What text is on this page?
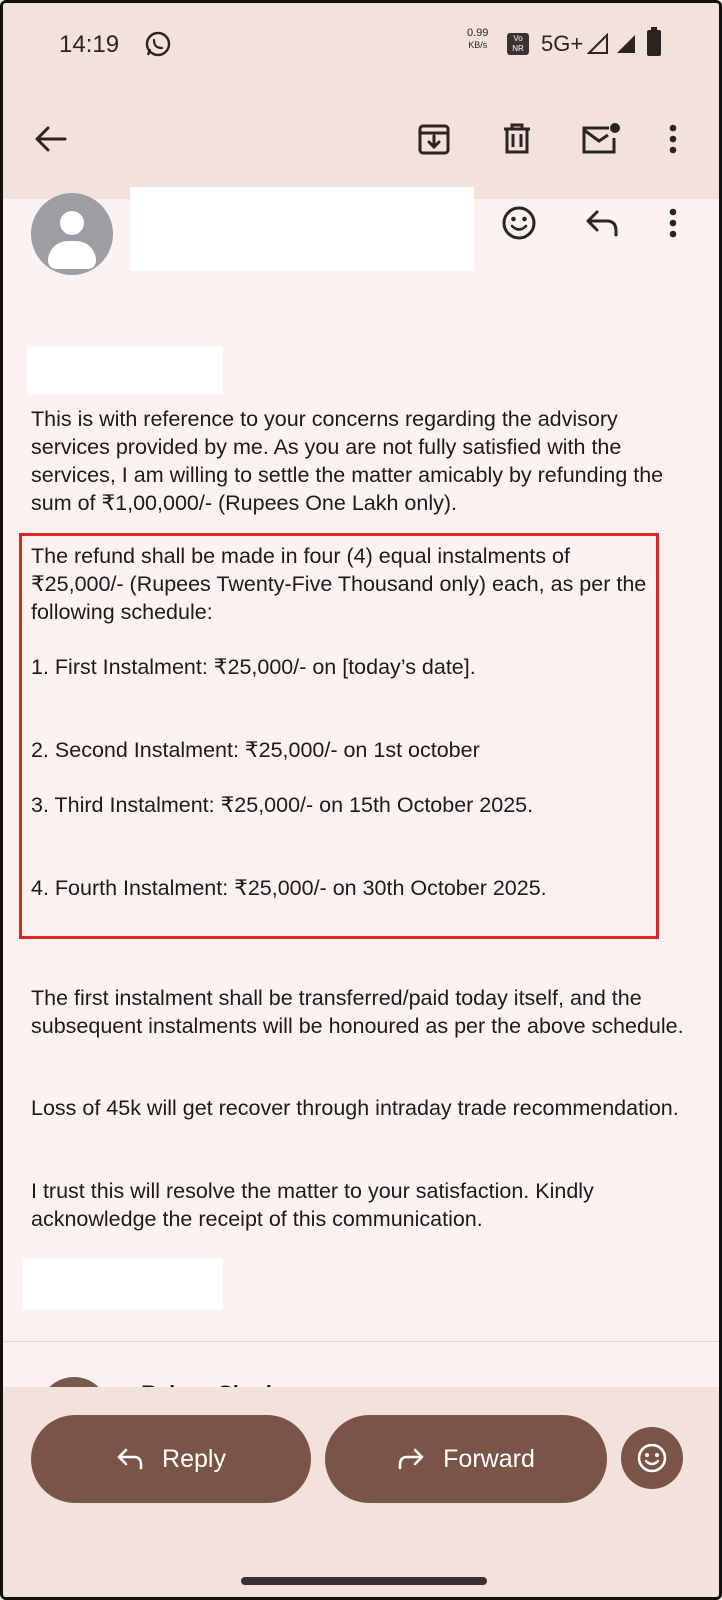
14:19	0.99
KB/s
Vo
NR 5G+
This is with reference to your concerns regarding the advisory services provided by me. As you are not fully satisfied with the services, I am willing to settle the matter amicably by refunding the sum of ₹1,00,000/- (Rupees One Lakh only).
The refund shall be made in four (4) equal instalments of ₹25,000/- (Rupees Twenty-Five Thousand only) each, as per the following schedule:
1. First Instalment: ₹25,000/- on [today’s date].
2. Second Instalment: ₹25,000/- on 1st october
3. Third Instalment: ₹25,000/- on 15th October 2025.
4. Fourth Instalment: ₹25,000/- on 30th October 2025.
The first instalment shall be transferred/paid today itself, and the subsequent instalments will be honoured as per the above schedule.
Loss of 45k will get recover through intraday trade recommendation.
I trust this will resolve the matter to your satisfaction. Kindly acknowledge the receipt of this communication.
Reply	Forward
